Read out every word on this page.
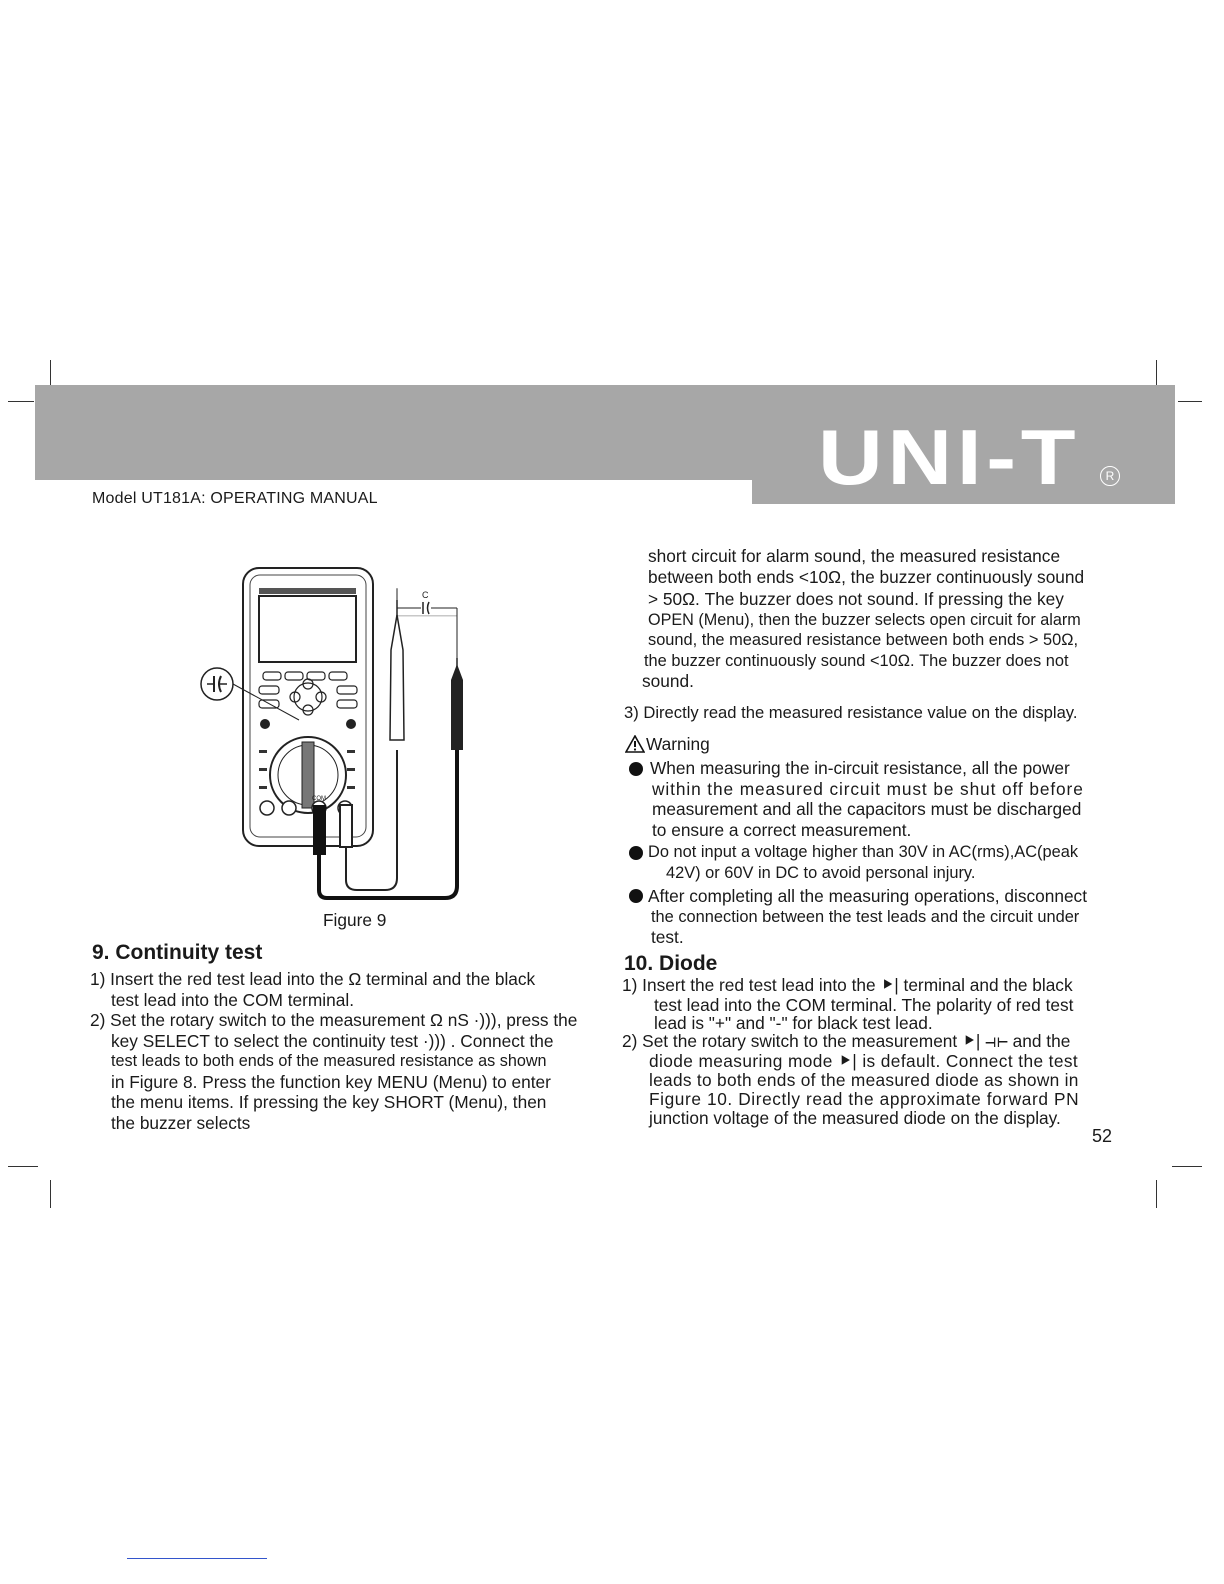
UNI-T	R
Model UT181A: OPERATING MANUAL
COM
C
Figure 9
9. Continuity test
1) Insert the red test lead into the Ω terminal and the black
test lead into the COM terminal.
2) Set the rotary switch to the measurement Ω nS ·))), press the
key SELECT to select the continuity test ·))) . Connect the
test leads to both ends of the measured resistance as shown
in Figure 8. Press the function key MENU (Menu) to enter
the menu items. If pressing the key SHORT (Menu), then
the buzzer selects
short circuit for alarm sound, the measured resistance
between both ends <10Ω, the buzzer continuously sound
> 50Ω. The buzzer does not sound. If pressing the key
OPEN (Menu), then the buzzer selects open circuit for alarm
sound, the measured resistance between both ends > 50Ω,
the buzzer continuously sound <10Ω. The buzzer does not
sound.
3) Directly read the measured resistance value on the display.
Warning
When measuring the in-circuit resistance, all the power
within the measured circuit must be shut off before
measurement and all the capacitors must be discharged
to ensure a correct measurement.
Do not input a voltage higher than 30V in AC(rms),AC(peak
42V) or 60V in DC to avoid personal injury.
After completing all the measuring operations, disconnect
the connection between the test leads and the circuit under
test.
10. Diode
1) Insert the red test lead into the ⯈| terminal and the black
test lead into the COM terminal. The polarity of red test
lead is "+" and "-" for black test lead.
2) Set the rotary switch to the measurement ⯈| ⊣⊢ and the
diode measuring mode ⯈| is default. Connect the test
leads to both ends of the measured diode as shown in
Figure 10. Directly read the approximate forward PN
junction voltage of the measured diode on the display.
52
